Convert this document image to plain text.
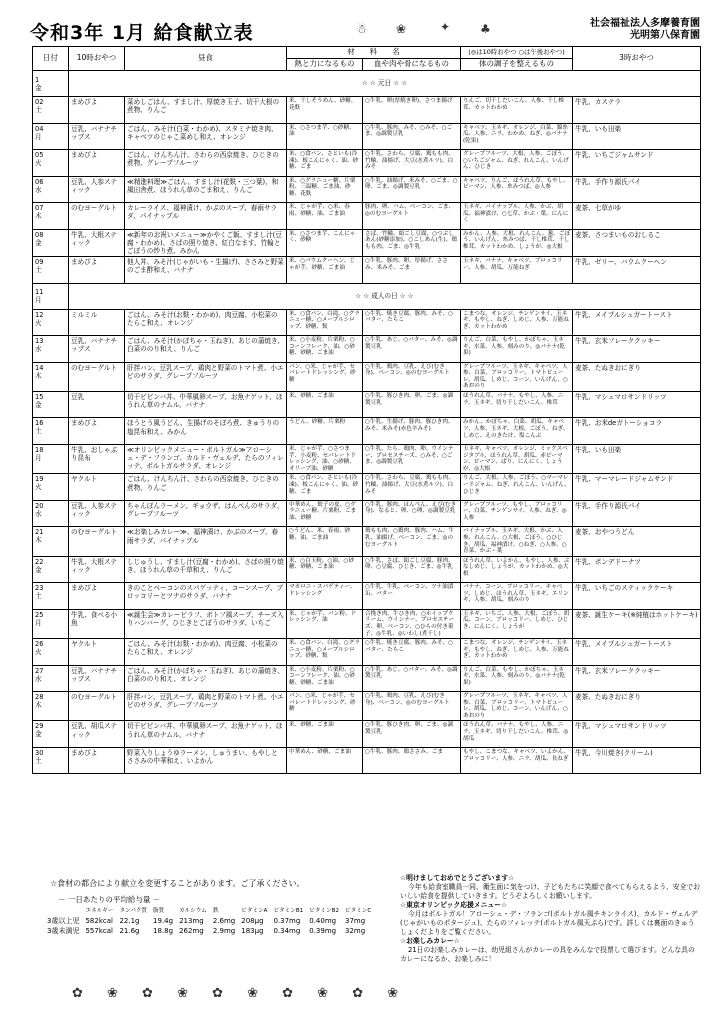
令和3年 1月 給食献立表	☃ ❀	✦ ♣	社会福祉法人多摩養育園
光明第八保育園
日付	10時おやつ	昼食	材　　料　　名		(◎は10時おやつ ○は午後おやつ)	3時おやつ
			熱と力になるもの	血や肉や骨になるもの	体の調子を整えるもの	

1
金	☆ ☆ 元日 ☆ ☆					

02
土	まめぴよ	菜めしごはん、すまし汁、厚焼き玉子、切干大根の煮物、りんご	米、干しそうめん、砂糖、花麩	○牛乳、卵(厚焼き卵)、さつま揚げ	りんご、切干しだいこん、人参、干し椎茸、カットわかめ	牛乳、カステラ

04
月	豆乳、バナナチップス	ごはん、みそ汁(白菜・わかめ)、スタミナ焼き肉、キャベツのじゃこ菜めし和え、オレンジ	米、○さつま芋、○砂糖、油	○牛乳、豚肉、みそ、○みそ、○ごま、◎調製豆乳	キャベツ、玉ネギ、オレンジ、白菜、錦糸瓜、人参、ニラ、わかめ、ねぎ、◎バナナ(乾果)	牛乳、いも田楽

05
火	まめぴよ	ごはん、けんちん汁、さわらの西京焼き、ひじきの煮物、グレープフルーツ	米、○食パン、さといも(冷凍)、板こんにゃく、油、砂糖、ごま	○牛乳、さわら、豆腐、鶏もも肉、竹輪、油揚げ、大豆(水煮ルツ)、白みそ	グレープフルーツ、大根、人参、ごぼう、○いちごジャム、ねぎ、れんこん、いんげん、ひじき	牛乳、いちごジャムサンド

06
水	豆乳、人参スティック	≪精進料理≫ごはん、すまし汁(花麩・三つ葉)、和風田舎煮、ほうれん草のごま和え、りんご	米、○グラニュー糖、片栗粉、三温糖、ごま油、砂糖、花麩	○牛乳、油揚げ、米みそ、○ごま、○卵、ごま、◎調製豆乳	キャベツ、りんご、ほうれん草、もやし、ピーマン、人参、糸みつば、◎人参	牛乳、手作り源氏パイ

07
木	のむヨーグルト	カレーライス、福神漬け、かぶのスープ、春雨サラダ、パイナップル	米、じゃが芋、○米、春雨、砂糖、油、ごま油	豚肉、卵、ハム、ベーコン、ごま、◎のむヨーグルト	玉ネギ、パイナップル、人参、かぶ、胡瓜、福神漬け、○七草、かぶ・葉、にんにく	麦茶、七草がゆ

08
金	牛乳、大根スティック	≪新年のお祝いメニュー≫かやくご飯、すまし汁(豆腐・わかめ)、さばの照り焼き、紅白なます、竹輪とごぼうの炒り煮、みかん	米、○さつま芋、こんにゃく、砂糖	さば、竹輪、絹ごし豆腐、○つぶしあん(砂糖添加)、○こしあん(生)、鶏もも肉、ごま、◎牛乳	みかん、人参、大根、れんこん、葱、ごぼう、いんげん、糸みつば、干し椎茸、干し椎茸、カットわかめ、しょうが、◎大根	麦茶、さつまいものおしるこ

09
土	まめぴよ	他人丼、みそ汁(じゃがいも・生揚げ)、ささみと野菜のごま酢和え、バナナ	米、○バウムクーヘン、じゃが芋、砂糖、ごま油	○牛乳、豚肉、卵、厚揚げ、ささみ、米みそ、ごま	玉ネギ、バナナ、キャベツ、ブロッコリー、人参、胡瓜、万能ねぎ	牛乳、ゼリー、バウムクーヘン

11
月	☆ ☆ 成人の日 ☆ ☆					

12
火	ミルミル	ごはん、みそ汁(お麩・わかめ)、肉豆腐、小松菜のたらこ和え、オレンジ	米、○食パン、白滝、○グラニュー糖、○メープルシロップ、砂糖、麩	○牛乳、焼き豆腐、豚肉、みそ、○バター、たらこ	こまつな、オレンジ、チンゲンサイ、玉ネギ、もやし、ねぎ、しめじ、人参、万能ねぎ、カットわかめ	牛乳、メイプルシュガートースト

13
水	豆乳、バナナチップス	ごはん、みそ汁(かぼちゃ・玉ねぎ)、あじの蒲焼き、白菜ののり和え、りんご	米、○小麦粉、片栗粉、○コーンフレーク、油、○砂糖、砂糖、ごま油	○牛乳、あじ、○バター、みそ、◎調製豆乳	りんご、白菜、もやし、かぼちゃ、玉ネギ、水菜、人参、刻みのり、◎バナナ(乾果)	牛乳、玄米フレーククッキー

14
木	のむヨーグルト	肝拌バン、豆乳スープ、鶏肉と野菜のトマト煮、小エビのサラダ、グレープフルーツ	パン、○米、じゃが芋、セパレートドレッシング、砂糖	○牛乳、鶏肉、豆乳、えび(むき身)、ベーコン、◎のむヨーグルト	グレープフルーツ、玉ネギ、キャベツ、人参、白菜、ブロッコリー、トマトピューレ、胡瓜、しめじ、コーン、いんげん、○あおのり	麦茶、たぬきおにぎり

15
金	豆乳	切干ビビンバ丼、中華風卵スープ、お魚ナゲット、ほうれん草のナムル、バナナ	米、砂糖、ごま油	○牛乳、豚ひき肉、卵、ごま、◎調製豆乳	ほうれん草、バナナ、もやし、人参、ニラ、玉ネギ、切り干しだいこん、椎茸	牛乳、マシュマロサンドリッツ

16
土	まめぴよ	ほうとう風うどん、生揚げのそぼろ煮、きゅうりの塩昆布和え、みかん	うどん、砂糖、片栗粉	○牛乳、生揚げ、豚肉、豚ひき肉、みそ、米みそ(赤色辛みそ)	みかん、かぼちゃ、白菜、胡瓜、キャベツ、人参、玉ネギ、大根、ごぼう、ねぎ、しめじ、えのきたけ、塩こんぶ	牛乳、お米deガトーショコラ

18
月	牛乳、おしゃぶり昆布	≪オリンピックメニュー・ポルトガル≫アローシュ・デ・フランゴ、カルド・ヴェルデ、たらのフィレッテ、ポルトガルサラダ、オレンジ	米、じゃが芋、○さつま芋、小麦粉、セパレートドレッシング、油、○砂糖、オリーブ油、砂糖	○牛乳、たら、鶏肉、卵、ウインナー、プロセスチーズ、○みそ、○ごま、◎調製豆乳	玉ネギ、キャベツ、オレンジ、ミックスベジタブル、ほうれん草、胡瓜、赤ピーマン、ピーマン、ぱり、にんにく、しょうが、◎大根	牛乳、いも田楽

19
火	ヤクルト	ごはん、けんちん汁、さわらの西京焼き、ひじきの煮物、りんご	米、○食パン、さといも(冷凍)、板こんにゃく、油、砂糖、ごま	○牛乳、さわら、豆腐、鶏もも肉、竹輪、油揚げ、大豆(水煮ルツ)、白みそ	りんご、大根、人参、ごぼう、○マーマレードジャム、ねぎ、れんこん、いんげん、ひじき	牛乳、マーマレードジャムサンド

20
水	豆乳、人参スティック	ちゃんぽんラーメン、ギョウザ、はんぺんのサラダ、グレープフルーツ	中華めん、餃子の皮、○グラニュー糖、片栗粉、ごま油、砂糖	○牛乳、豚肉、はんぺん、えび(むき身)、なると、卵、○卵、◎調製豆乳	グレープフルーツ、もやし、ブロッコリー、白菜、チンゲンサイ、人参、ねぎ、◎人参	牛乳、手作り源氏パイ

21
木	のむヨーグルト	≪お楽しみカレー≫、福神漬け、かぶのスープ、春雨サラダ、パイナップル	○うどん、米、春雨、砂糖、油、ごま油	鶏もも肉、○鶏肉、豚肉、ハム、牛乳、油揚げ、ベーコン、ごま、◎のむヨーグルト	パイナップル、玉ネギ、大根、かぶ、人参、れんこん、○大根、ごぼう、○ひじき、胡瓜、福神漬け、○ねぎ、○人参、○青菜、かぶ・葉	麦茶、おやつうどん

22
金	牛乳、大根スティック	しじゅうし、すまし汁(豆腐・わかめ)、さばの照り焼き、ほうれん草の千草和え、りんご	米、○白玉粉、○油、○砂糖、砂糖、ごま油	○牛乳、さば、絹ごし豆腐、豚肉、卵、○豆腐、ひじき、ごま、◎牛乳	ほうれん草、いよかん、もやし、人参、ぶなしめじ、しょうが、カットわかめ、◎大根	牛乳、ポンデドーナツ

23
土	まめぴよ	きのことベーコンのスパゲッティ、コーンスープ、ブロッコリーとツナのサラダ、バナナ	マカロニ・スパゲティー、ドレッシング	○牛乳、牛乳、ベーコン、ツナ油漬缶、バター	バナナ、コーン、ブロッコリー、キャベツ、しめじ、ほうれん草、玉ネギ、エリンギ、人参、胡瓜、刻みのり	牛乳、いちごのスティックケーキ

25
月	牛乳、食べる小魚	≪誕生会≫カレーピラフ、ポトフ風スープ、チーズ入りハンバーグ、ひじきとごぼうのサラダ、いちご	米、じゃが芋、パン粉、ドレッシング、油	合挽き肉、牛ひき肉、○ホイップクリーム、ウインナー、プロセスチーズ、卵、ベーコン、○ひらの付き菓子、◎牛乳、◎いわし(煮干し)	玉ネギ、いちご、人参、大根、ごぼう、胡瓜、コーン、ブロッコリー、しめじ、ひじき、にんにく、しょうが	麦茶、誕生ケーキ(※純植はホットケーキ)

26
火	ヤクルト	ごはん、みそ汁(お麩・わかめ)、肉豆腐、小松菜のたらこ和え、オレンジ	米、○食パン、白滝、○グラニュー糖、○メープルシロップ、砂糖、麩	○牛乳、焼き豆腐、豚肉、みそ、○バター、たらこ	こまつな、オレンジ、チンゲンサイ、玉ネギ、もやし、ねぎ、しめじ、人参、万能ねぎ、カットわかめ	牛乳、メイプルシュガートースト

27
水	豆乳、バナナチップス	ごはん、みそ汁(かぼちゃ・玉ねぎ)、あじの蒲焼き、白菜ののり和え、オレンジ	米、○小麦粉、片栗粉、○コーンフレーク、油、○砂糖、砂糖、ごま油	○牛乳、あじ、○バター、みそ、◎調製豆乳	りんご、白菜、もやし、かぼちゃ、玉ネギ、水菜、人参、刻みのり、◎バナナ(乾果)	牛乳、玄米フレーククッキー

28
木	のむヨーグルト	肝拌バン、豆乳スープ、鶏肉と野菜のトマト煮、小エビのサラダ、グレープフルーツ	パン、○米、じゃが芋、セパレートドレッシング、砂糖	○牛乳、鶏肉、豆乳、えび(むき身)、ベーコン、◎のむヨーグルト	グレープフルーツ、玉ネギ、キャベツ、人参、白菜、ブロッコリー、トマトピューレ、胡瓜、しめじ、コーン、いんげん、○あおのり	麦茶、たぬきおにぎり

29
金	豆乳、胡瓜スティック	切干ビビンバ丼、中華風卵スープ、お魚ナゲット、ほうれん草のナムル、バナナ	米、砂糖、ごま油	○牛乳、豚ひき肉、卵、ごま、◎調製豆乳	ほうれん草、バナナ、もやし、人参、ニラ、玉ネギ、切り干しだいこん、椎茸、◎胡瓜	牛乳、マシュマロサンドリッツ

30
土	まめぴよ	野菜入りしょうゆラーメン、しゅうまい、もやしとささみの中華和え、いよかん	中華めん、砂糖、ごま油	○牛乳、豚肉、鶏ささみ、ごま	もやし、こまつな、キャベツ、いよかん、ブロッコリー、人参、ニラ、胡瓜、長ねぎ	牛乳、今川焼き(クリーム)
☆食材の都合により献立を変更することがあります。ご了承ください。
－ 一日あたりの平均給与量 －
	エネルギー	タンパク質	脂質	カルシウム	鉄	ビタミンA	ビタミンB1	ビタミンB2	ビタミンC
3歳以上児	582kcal	22.1g	19.4g	213mg	2.6mg	208μg	0.37mg	0.40mg	37mg
3歳未満児	557kcal	21.6g	18.8g	262mg	2.9mg	183μg	0.34mg	0.39mg	32mg
☆明けましておめでとうございます☆
今年も給食室職員一同、衛生面に気をつけ、子どもたちに笑顔で食べてもらえるよう、安全でおいしい給食を提供していきます。どうぞよろしくお願いします。
☆東京オリンピック応援メニュー☆
今月はポルトガル！アローシュ・デ・フランゴ(ポルトガル風チキンライス)、カルド・ヴェルデ(じゃがいものポタージュ)、たらのフィレッテ(ポルトガル風天ぷら)です。詳しくは裏面のきゅうしょくだよりをご覧ください。
☆お楽しみカレー☆
21日のお楽しみカレーは、幼児組さんがカレーの具をみんなで投票して選びます。どんな具のカレーになるか、お楽しみに！
✿ ❀ ✿ ❀ ✿ ❀ ✿ ❀ ✿ ❀
